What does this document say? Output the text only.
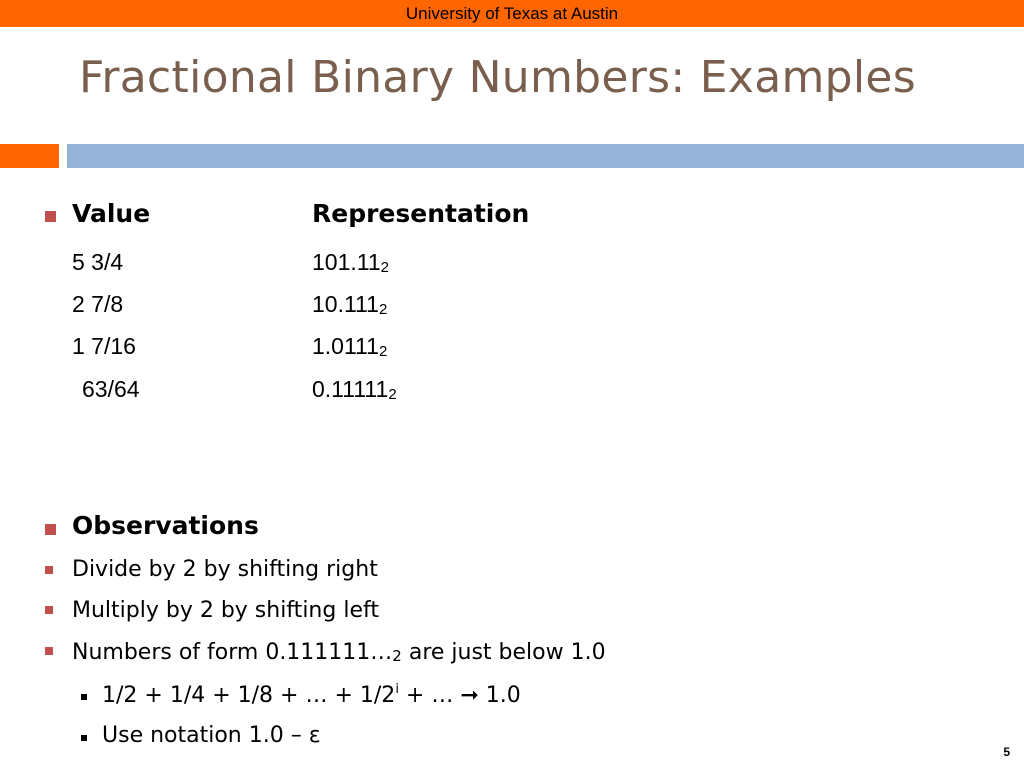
University of Texas at Austin
Fractional Binary Numbers: Examples
Value	Representation
5 3/4	$101.11_2$
2 7/8	$10.111_2$
1 7/16	$1.0111_2$
63/64	$0.11111_2$
Observations
Divide by 2 by shifting right
Multiply by 2 by shifting left
Numbers of form $0.111111\dots_2$ are just below 1.0
1/2 + 1/4 + 1/8 + … + $1/2^i$ + … ➞ 1.0
Use notation 1.0 – ε
5
